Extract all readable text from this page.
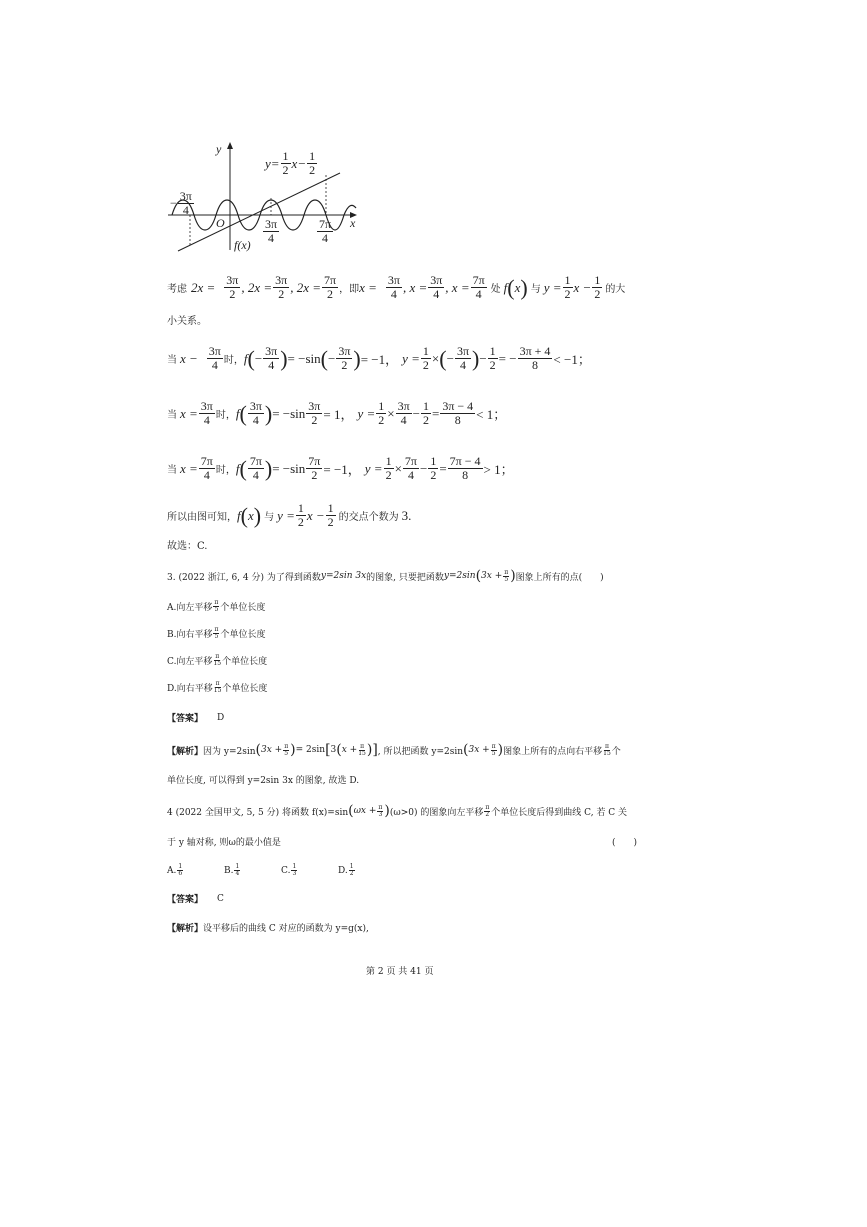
y
x
O
$y= \frac{1}{2} x- \frac{1}{2}$
− $\frac{3\pi}{4}$
$\frac{3\pi}{4}$	$\frac{7\pi}{4}$
f(x)
考虑 $2x = \frac{3\pi}{2}$ , $2x = \frac{3\pi}{2}$ , $2x = \frac{7\pi}{2}$ ，即 $x = \frac{3\pi}{4}$ , $x = \frac{3\pi}{4}$ , $x = \frac{7\pi}{4}$ 处 f ( x ) 与 $y = \frac{1}{2}$ $x - \frac{1}{2}$ 的大
小关系。
当 $x - \frac{3\pi}{4}$ 时， f ( − $\frac{3\pi}{4}$ ) = −sin ( − $\frac{3\pi}{2}$ ) = −1， $y = \frac{1}{2}$ × ( − $\frac{3\pi}{4}$ ) − $\frac{1}{2}$ = − $\frac{3\pi + 4}{8} < -1$；
当 $x = \frac{3\pi}{4}$ 时， f ( $\frac{3\pi}{4}$ ) = $-\sin \frac{3\pi}{2} = 1$， $y = \frac{1}{2} \times \frac{3\pi}{4} - \frac{1}{2} = \frac{3\pi - 4}{8} < 1$；
当 $x = \frac{7\pi}{4}$ 时， f ( $\frac{7\pi}{4}$ ) = $-\sin \frac{7\pi}{2} = -1$， $y = \frac{1}{2} \times \frac{7\pi}{4} - \frac{1}{2} = \frac{7\pi - 4}{8} > 1$；
所以由图可知， f ( x ) 与 $y = \frac{1}{2}$ $x - \frac{1}{2}$ 的交点个数为 3 .
故选：C.
3. (2022 浙江, 6, 4 分) 为了得到函数 y=2sin 3x 的图象, 只要把函数 y=2sin ( $3x + \frac{\pi}{5}$ ) 图象上所有的点(　　)
A.向左平移
π
5 个单位长度
B.向右平移
π
5 个单位长度
C.向左平移
π
15 个单位长度
D.向右平移
π
15 个单位长度
【答案】 D
【解析】 因为 y=2sin ( $3x + \frac{\pi}{5}$ ) = 2sin [ 3 ( $x + \frac{\pi}{15}$ )] , 所以把函数 y=2sin ( $3x + \frac{\pi}{5}$ ) 图象上所有的点向右平移
π
15 个
单位长度, 可以得到 y=2sin 3x 的图象, 故选 D.
4 (2022 全国甲文, 5, 5 分) 将函数 f(x)=sin ( $\omega x + \frac{\pi}{3}$ ) (ω>0) 的图象向左平移
π
2 个单位长度后得到曲线 C, 若 C 关
于 y 轴对称, 则ω的最小值是	(　　)
A. 1
6	B. 1
4	C. 1
3	D. 1
2
【答案】 C
【解析】 设平移后的曲线 C 对应的函数为 y=g(x),
第 2 页 共 41 页
